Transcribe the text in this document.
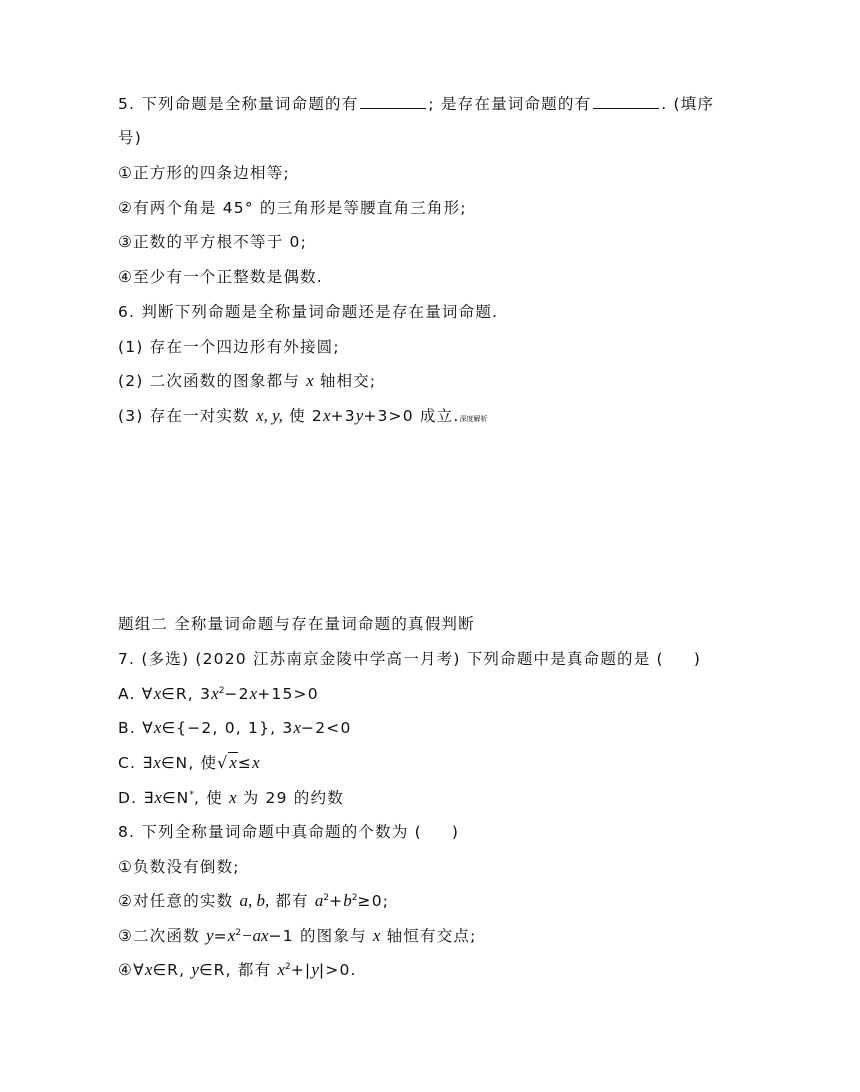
5. 下列命题是全称量词命题的有	; 是存在量词命题的有	. (填序
号)
①正方形的四条边相等;
②有两个角是 45° 的三角形是等腰直角三角形;
③正数的平方根不等于 0;
④至少有一个正整数是偶数.
6. 判断下列命题是全称量词命题还是存在量词命题.
(1) 存在一个四边形有外接圆;
(2) 二次函数的图象都与 x 轴相交;
(3) 存在一对实数 x, y, 使 2x+3y+3>0 成立.深度解析
题组二 全称量词命题与存在量词命题的真假判断
7. (多选) (2020 江苏南京金陵中学高一月考) 下列命题中是真命题的是 ( )
A. ∀x∈R, $3x^2-2x+15>0$
B. ∀x∈{−2, 0, 1}, 3x−2<0
C. ∃x∈N, 使√x≤x
D. ∃x∈N*, 使 x 为 29 的约数
8. 下列全称量词命题中真命题的个数为 ( )
①负数没有倒数;
②对任意的实数 a, b, 都有 $a^2+b^2\ge 0$;
③二次函数 $y=x^2-ax-1$ 的图象与 x 轴恒有交点;
④∀x∈R, y∈R, 都有 $x^2+|y|>0$.
